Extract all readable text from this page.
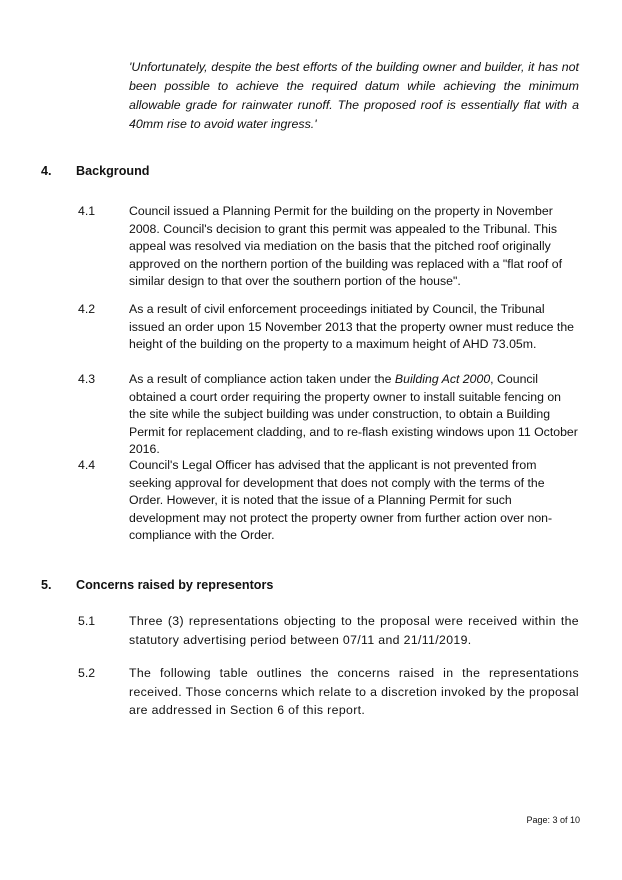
'Unfortunately, despite the best efforts of the building owner and builder, it has not been possible to achieve the required datum while achieving the minimum allowable grade for rainwater runoff. The proposed roof is essentially flat with a 40mm rise to avoid water ingress.'
4. Background
4.1	Council issued a Planning Permit for the building on the property in November 2008. Council's decision to grant this permit was appealed to the Tribunal. This appeal was resolved via mediation on the basis that the pitched roof originally approved on the northern portion of the building was replaced with a "flat roof of similar design to that over the southern portion of the house".
4.2	As a result of civil enforcement proceedings initiated by Council, the Tribunal issued an order upon 15 November 2013 that the property owner must reduce the height of the building on the property to a maximum height of AHD 73.05m.
4.3	As a result of compliance action taken under the Building Act 2000, Council obtained a court order requiring the property owner to install suitable fencing on the site while the subject building was under construction, to obtain a Building Permit for replacement cladding, and to re-flash existing windows upon 11 October 2016.
4.4	Council's Legal Officer has advised that the applicant is not prevented from seeking approval for development that does not comply with the terms of the Order. However, it is noted that the issue of a Planning Permit for such development may not protect the property owner from further action over non-compliance with the Order.
5. Concerns raised by representors
5.1	Three (3) representations objecting to the proposal were received within the statutory advertising period between 07/11 and 21/11/2019.
5.2	The following table outlines the concerns raised in the representations received. Those concerns which relate to a discretion invoked by the proposal are addressed in Section 6 of this report.
Page: 3 of 10
